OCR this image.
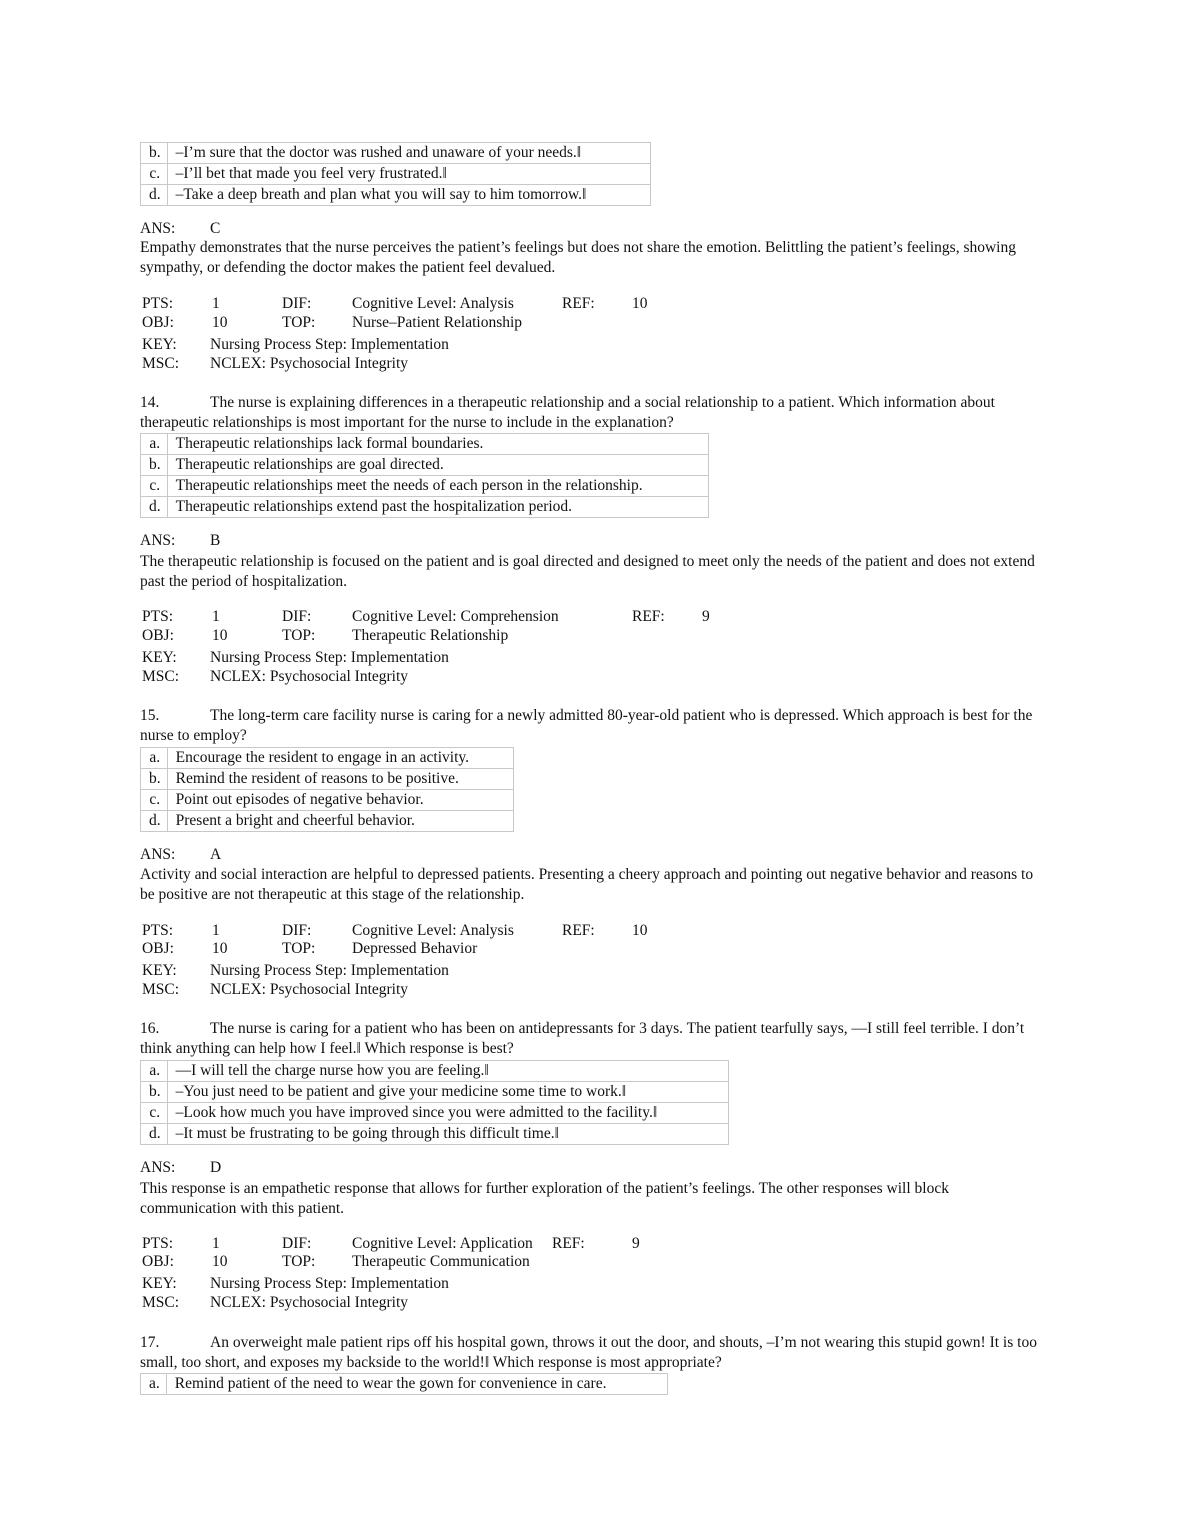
b.	‒I’m sure that the doctor was rushed and unaware of your needs.‖
c.	‒I’ll bet that made you feel very frustrated.‖
d.	‒Take a deep breath and plan what you will say to him tomorrow.‖
ANS: C
Empathy demonstrates that the nurse perceives the patient’s feelings but does not share the emotion. Belittling the patient’s feelings, showing sympathy, or defending the doctor makes the patient feel devalued.
PTS:	1	DIF:	Cognitive Level: Analysis	REF: 10
OBJ: 10	TOP: Nurse–Patient Relationship
KEY: Nursing Process Step: Implementation
MSC: NCLEX: Psychosocial Integrity
14.	The nurse is explaining differences in a therapeutic relationship and a social relationship to a patient. Which information about therapeutic relationships is most important for the nurse to include in the explanation?
a.	Therapeutic relationships lack formal boundaries.
b.	Therapeutic relationships are goal directed.
c.	Therapeutic relationships meet the needs of each person in the relationship.
d.	Therapeutic relationships extend past the hospitalization period.
ANS: B
The therapeutic relationship is focused on the patient and is goal directed and designed to meet only the needs of the patient and does not extend past the period of hospitalization.
PTS:	1	DIF:	Cognitive Level: Comprehension	REF: 9
OBJ: 10	TOP: Therapeutic Relationship
KEY: Nursing Process Step: Implementation
MSC: NCLEX: Psychosocial Integrity
15.	The long-term care facility nurse is caring for a newly admitted 80-year-old patient who is depressed. Which approach is best for the nurse to employ?
a.	Encourage the resident to engage in an activity.
b.	Remind the resident of reasons to be positive.
c.	Point out episodes of negative behavior.
d.	Present a bright and cheerful behavior.
ANS: A
Activity and social interaction are helpful to depressed patients. Presenting a cheery approach and pointing out negative behavior and reasons to be positive are not therapeutic at this stage of the relationship.
PTS:	1	DIF:	Cognitive Level: Analysis	REF: 10
OBJ: 10	TOP: Depressed Behavior
KEY: Nursing Process Step: Implementation
MSC: NCLEX: Psychosocial Integrity
16.	The nurse is caring for a patient who has been on antidepressants for 3 days. The patient tearfully says, ―I still feel terrible. I don’t think anything can help how I feel.‖ Which response is best?
a.	―I will tell the charge nurse how you are feeling.‖
b.	‒You just need to be patient and give your medicine some time to work.‖
c.	‒Look how much you have improved since you were admitted to the facility.‖
d.	‒It must be frustrating to be going through this difficult time.‖
ANS: D
This response is an empathetic response that allows for further exploration of the patient’s feelings. The other responses will block communication with this patient.
PTS:	1	DIF:	Cognitive Level: Application REF:	9
OBJ: 10	TOP: Therapeutic Communication
KEY: Nursing Process Step: Implementation
MSC: NCLEX: Psychosocial Integrity
17.	An overweight male patient rips off his hospital gown, throws it out the door, and shouts, ‒I’m not wearing this stupid gown! It is too small, too short, and exposes my backside to the world!‖ Which response is most appropriate?
a.	Remind patient of the need to wear the gown for convenience in care.
